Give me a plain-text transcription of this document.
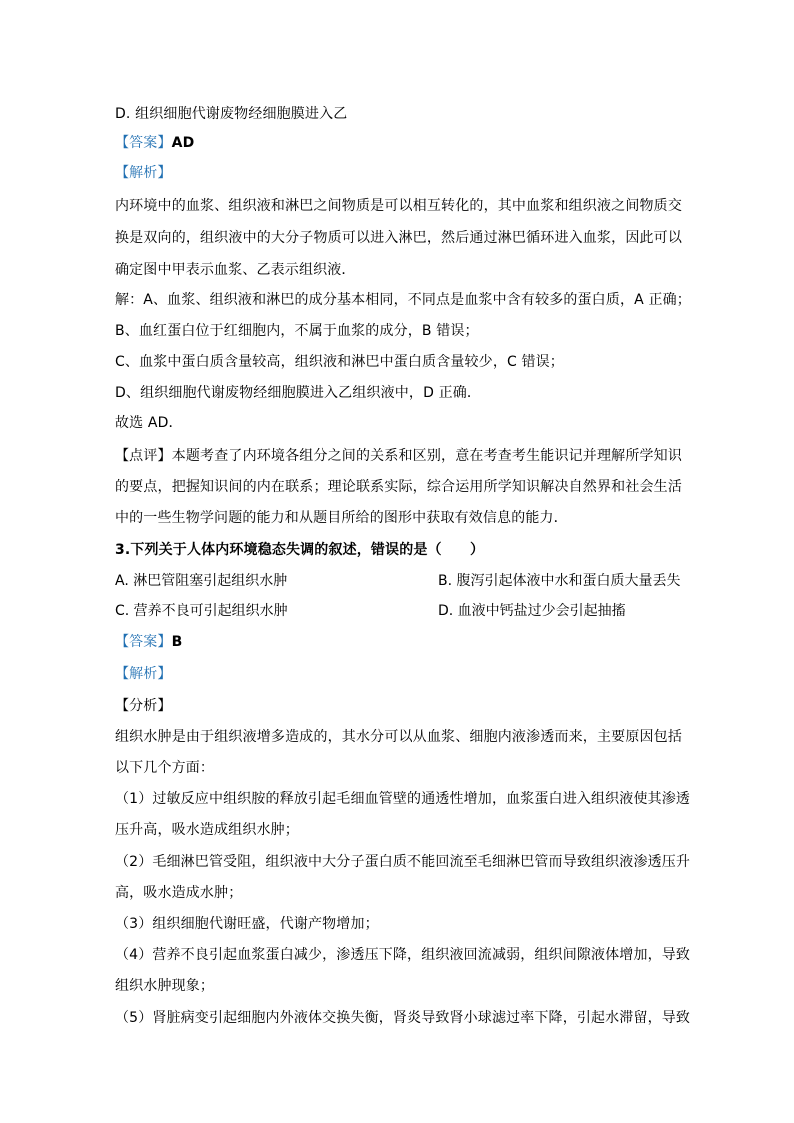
D. 组织细胞代谢废物经细胞膜进入乙
【答案】AD
【解析】
内环境中的血浆、组织液和淋巴之间物质是可以相互转化的，其中血浆和组织液之间物质交
换是双向的，组织液中的大分子物质可以进入淋巴，然后通过淋巴循环进入血浆，因此可以
确定图中甲表示血浆、乙表示组织液．
解：A、血浆、组织液和淋巴的成分基本相同，不同点是血浆中含有较多的蛋白质，A 正确；
B、血红蛋白位于红细胞内，不属于血浆的成分，B 错误；
C、血浆中蛋白质含量较高，组织液和淋巴中蛋白质含量较少，C 错误；
D、组织细胞代谢废物经细胞膜进入乙组织液中，D 正确．
故选 AD．
【点评】本题考查了内环境各组分之间的关系和区别，意在考查考生能识记并理解所学知识
的要点，把握知识间的内在联系；理论联系实际，综合运用所学知识解决自然界和社会生活
中的一些生物学问题的能力和从题目所给的图形中获取有效信息的能力．
3.下列关于人体内环境稳态失调的叙述，错误的是（　　）
A. 淋巴管阻塞引起组织水肿	B. 腹泻引起体液中水和蛋白质大量丢失
C. 营养不良可引起组织水肿	D. 血液中钙盐过少会引起抽搐
【答案】B
【解析】
【分析】
组织水肿是由于组织液增多造成的，其水分可以从血浆、细胞内液渗透而来，主要原因包括
以下几个方面：
（1）过敏反应中组织胺的释放引起毛细血管壁的通透性增加，血浆蛋白进入组织液使其渗透
压升高，吸水造成组织水肿；
（2）毛细淋巴管受阻，组织液中大分子蛋白质不能回流至毛细淋巴管而导致组织液渗透压升
高，吸水造成水肿；
（3）组织细胞代谢旺盛，代谢产物增加；
（4）营养不良引起血浆蛋白减少，渗透压下降，组织液回流减弱，组织间隙液体增加，导致
组织水肿现象；
（5）肾脏病变引起细胞内外液体交换失衡，肾炎导致肾小球滤过率下降，引起水滞留，导致
